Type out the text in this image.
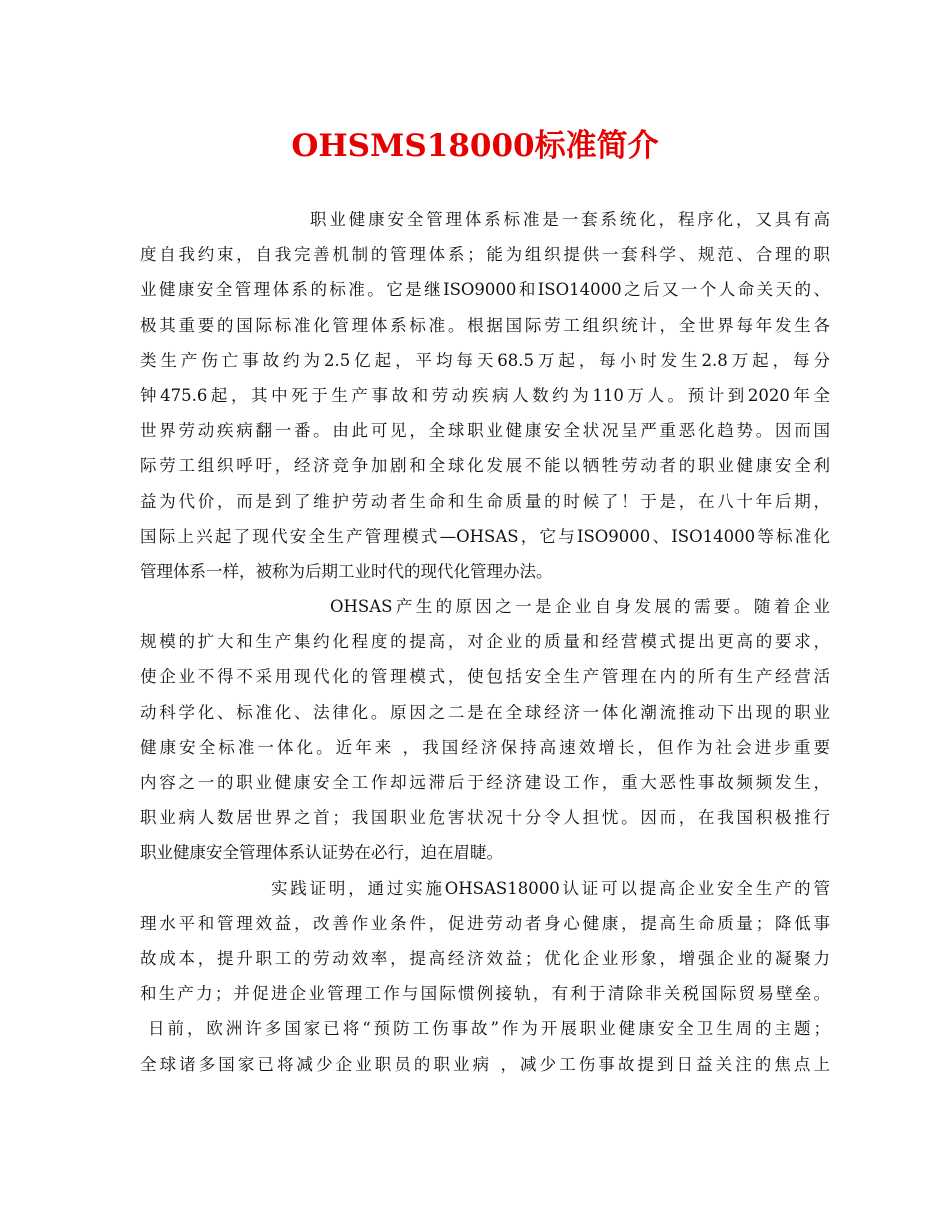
OHSMS18000标准简介
职业健康安全管理体系标准是一套系统化，程序化，又具有高
度自我约束，自我完善机制的管理体系；能为组织提供一套科学、规范、合理的职
业健康安全管理体系的标准。它是继ISO9000和ISO14000之后又一个人命关天的、
极其重要的国际标准化管理体系标准。根据国际劳工组织统计，全世界每年发生各
类生产伤亡事故约为2.5亿起，平均每天68.5万起，每小时发生2.8万起，每分
钟475.6起，其中死于生产事故和劳动疾病人数约为110万人。预计到2020年全
世界劳动疾病翻一番。由此可见，全球职业健康安全状况呈严重恶化趋势。因而国
际劳工组织呼吁，经济竞争加剧和全球化发展不能以牺牲劳动者的职业健康安全利
益为代价，而是到了维护劳动者生命和生命质量的时候了！于是，在八十年后期，
国际上兴起了现代安全生产管理模式—OHSAS，它与ISO9000、ISO14000等标准化
管理体系一样，被称为后期工业时代的现代化管理办法。
OHSAS产生的原因之一是企业自身发展的需要。随着企业
规模的扩大和生产集约化程度的提高，对企业的质量和经营模式提出更高的要求，
使企业不得不采用现代化的管理模式，使包括安全生产管理在内的所有生产经营活
动科学化、标准化、法律化。原因之二是在全球经济一体化潮流推动下出现的职业
健康安全标准一体化。近年来 ，我国经济保持高速效增长，但作为社会进步重要
内容之一的职业健康安全工作却远滞后于经济建设工作，重大恶性事故频频发生，
职业病人数居世界之首；我国职业危害状况十分令人担忧。因而，在我国积极推行
职业健康安全管理体系认证势在必行，迫在眉睫。
实践证明，通过实施OHSAS18000认证可以提高企业安全生产的管
理水平和管理效益，改善作业条件，促进劳动者身心健康，提高生命质量；降低事
故成本，提升职工的劳动效率，提高经济效益；优化企业形象，增强企业的凝聚力
和生产力；并促进企业管理工作与国际惯例接轨，有利于清除非关税国际贸易壁垒。
日前，欧洲许多国家已将“预防工伤事故”作为开展职业健康安全卫生周的主题；
全球诸多国家已将减少企业职员的职业病 ，减少工伤事故提到日益关注的焦点上
